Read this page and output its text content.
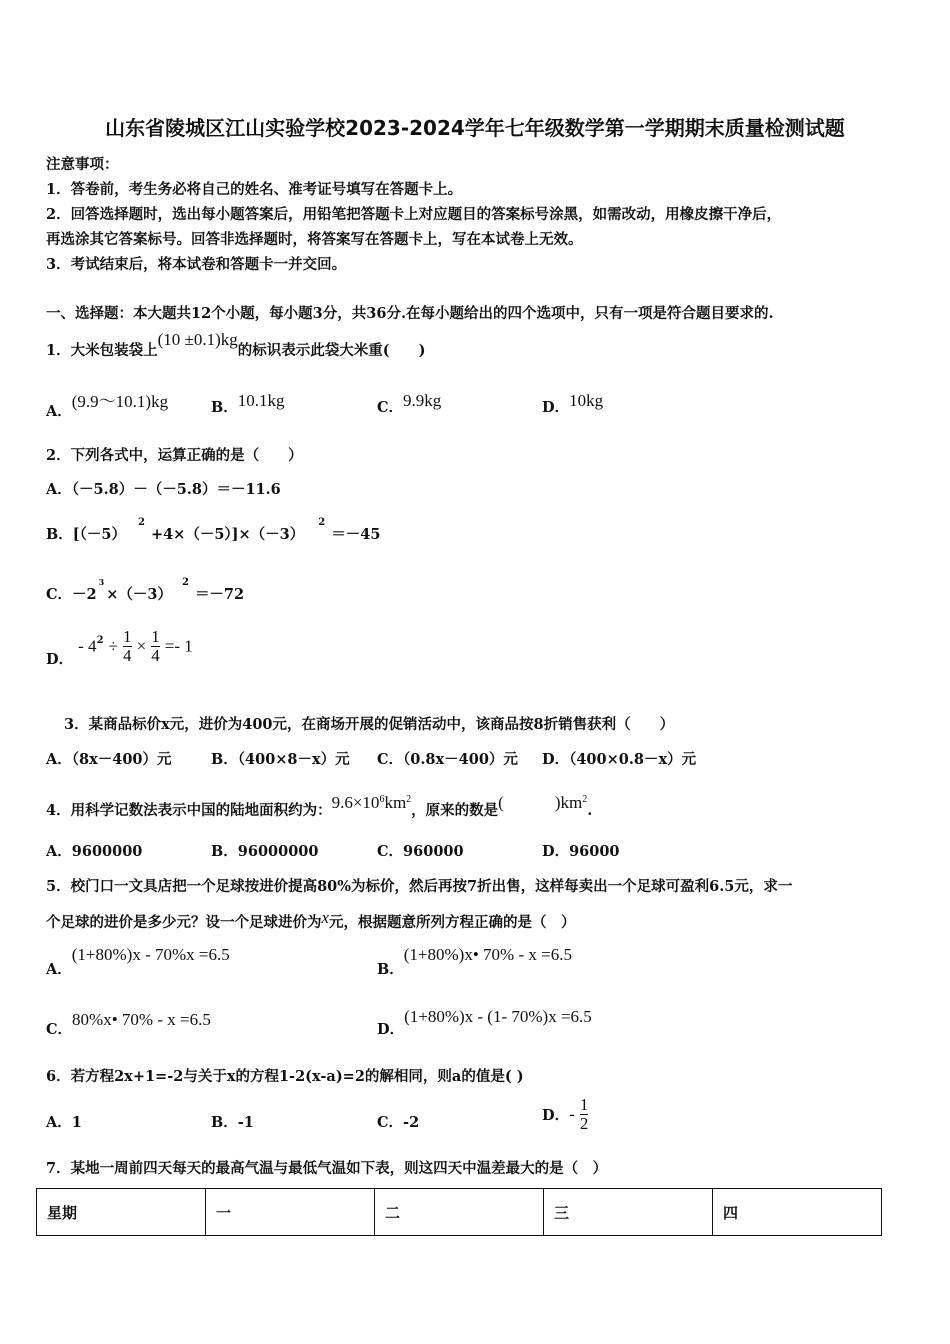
山东省陵城区江山实验学校2023-2024学年七年级数学第一学期期末质量检测试题
注意事项：
1．答卷前，考生务必将自己的姓名、准考证号填写在答题卡上。
2．回答选择题时，选出每小题答案后，用铅笔把答题卡上对应题目的答案标号涂黑，如需改动，用橡皮擦干净后，
再选涂其它答案标号。回答非选择题时，将答案写在答题卡上，写在本试卷上无效。
3．考试结束后，将本试卷和答题卡一并交回。
一、选择题：本大题共12个小题，每小题3分，共36分.在每小题给出的四个选项中，只有一项是符合题目要求的.
1．大米包装袋上(10 ±0.1)kg的标识表示此袋大米重(　　)
A．(9.9～10.1)kg	B．10.1kg	C．9.9kg	D．10kg
2．下列各式中，运算正确的是（　　）
A．（－5.8）－（－5.8）＝－11.6
B．$[(-5)^2+4\times(-5)]\times(-3)^2=-45$
C．$-2^3\times(-3)^2=-72$
D． - $4^2 \div \frac{1}{4} \times \frac{1}{4} =- 1$
3．某商品标价x元，进价为400元，在商场开展的促销活动中，该商品按8折销售获利（　　）
A．（8x－400）元	B．（400×8－x）元 C．（0.8x－400）元 D．（400×0.8－x）元
4．用科学记数法表示中国的陆地面积约为：$9.6\times 10^6km^2$，原来的数是(　　　)$km^2$.
A．9600000	B．96000000	C．960000	D．96000
5．校门口一文具店把一个足球按进价提高80%为标价，然后再按7折出售，这样每卖出一个足球可盈利6.5元，求一
个足球的进价是多少元？设一个足球进价为x元，根据题意所列方程正确的是（　）
A．(1+80%)x - 70%x =6.5
B．(1+80%)x• 70% - x =6.5
C．80%x• 70% - x =6.5
D．(1+80%)x - (1- 70%)x =6.5
6．若方程2x+1=-2与关于x的方程1-2(x-a)=2的解相同，则a的值是( )
A．1	B．-1	C．-2	D．- $\frac{1}{2}$
7．某地一周前四天每天的最高气温与最低气温如下表，则这四天中温差最大的是（　）
星期	一	二	三	四
